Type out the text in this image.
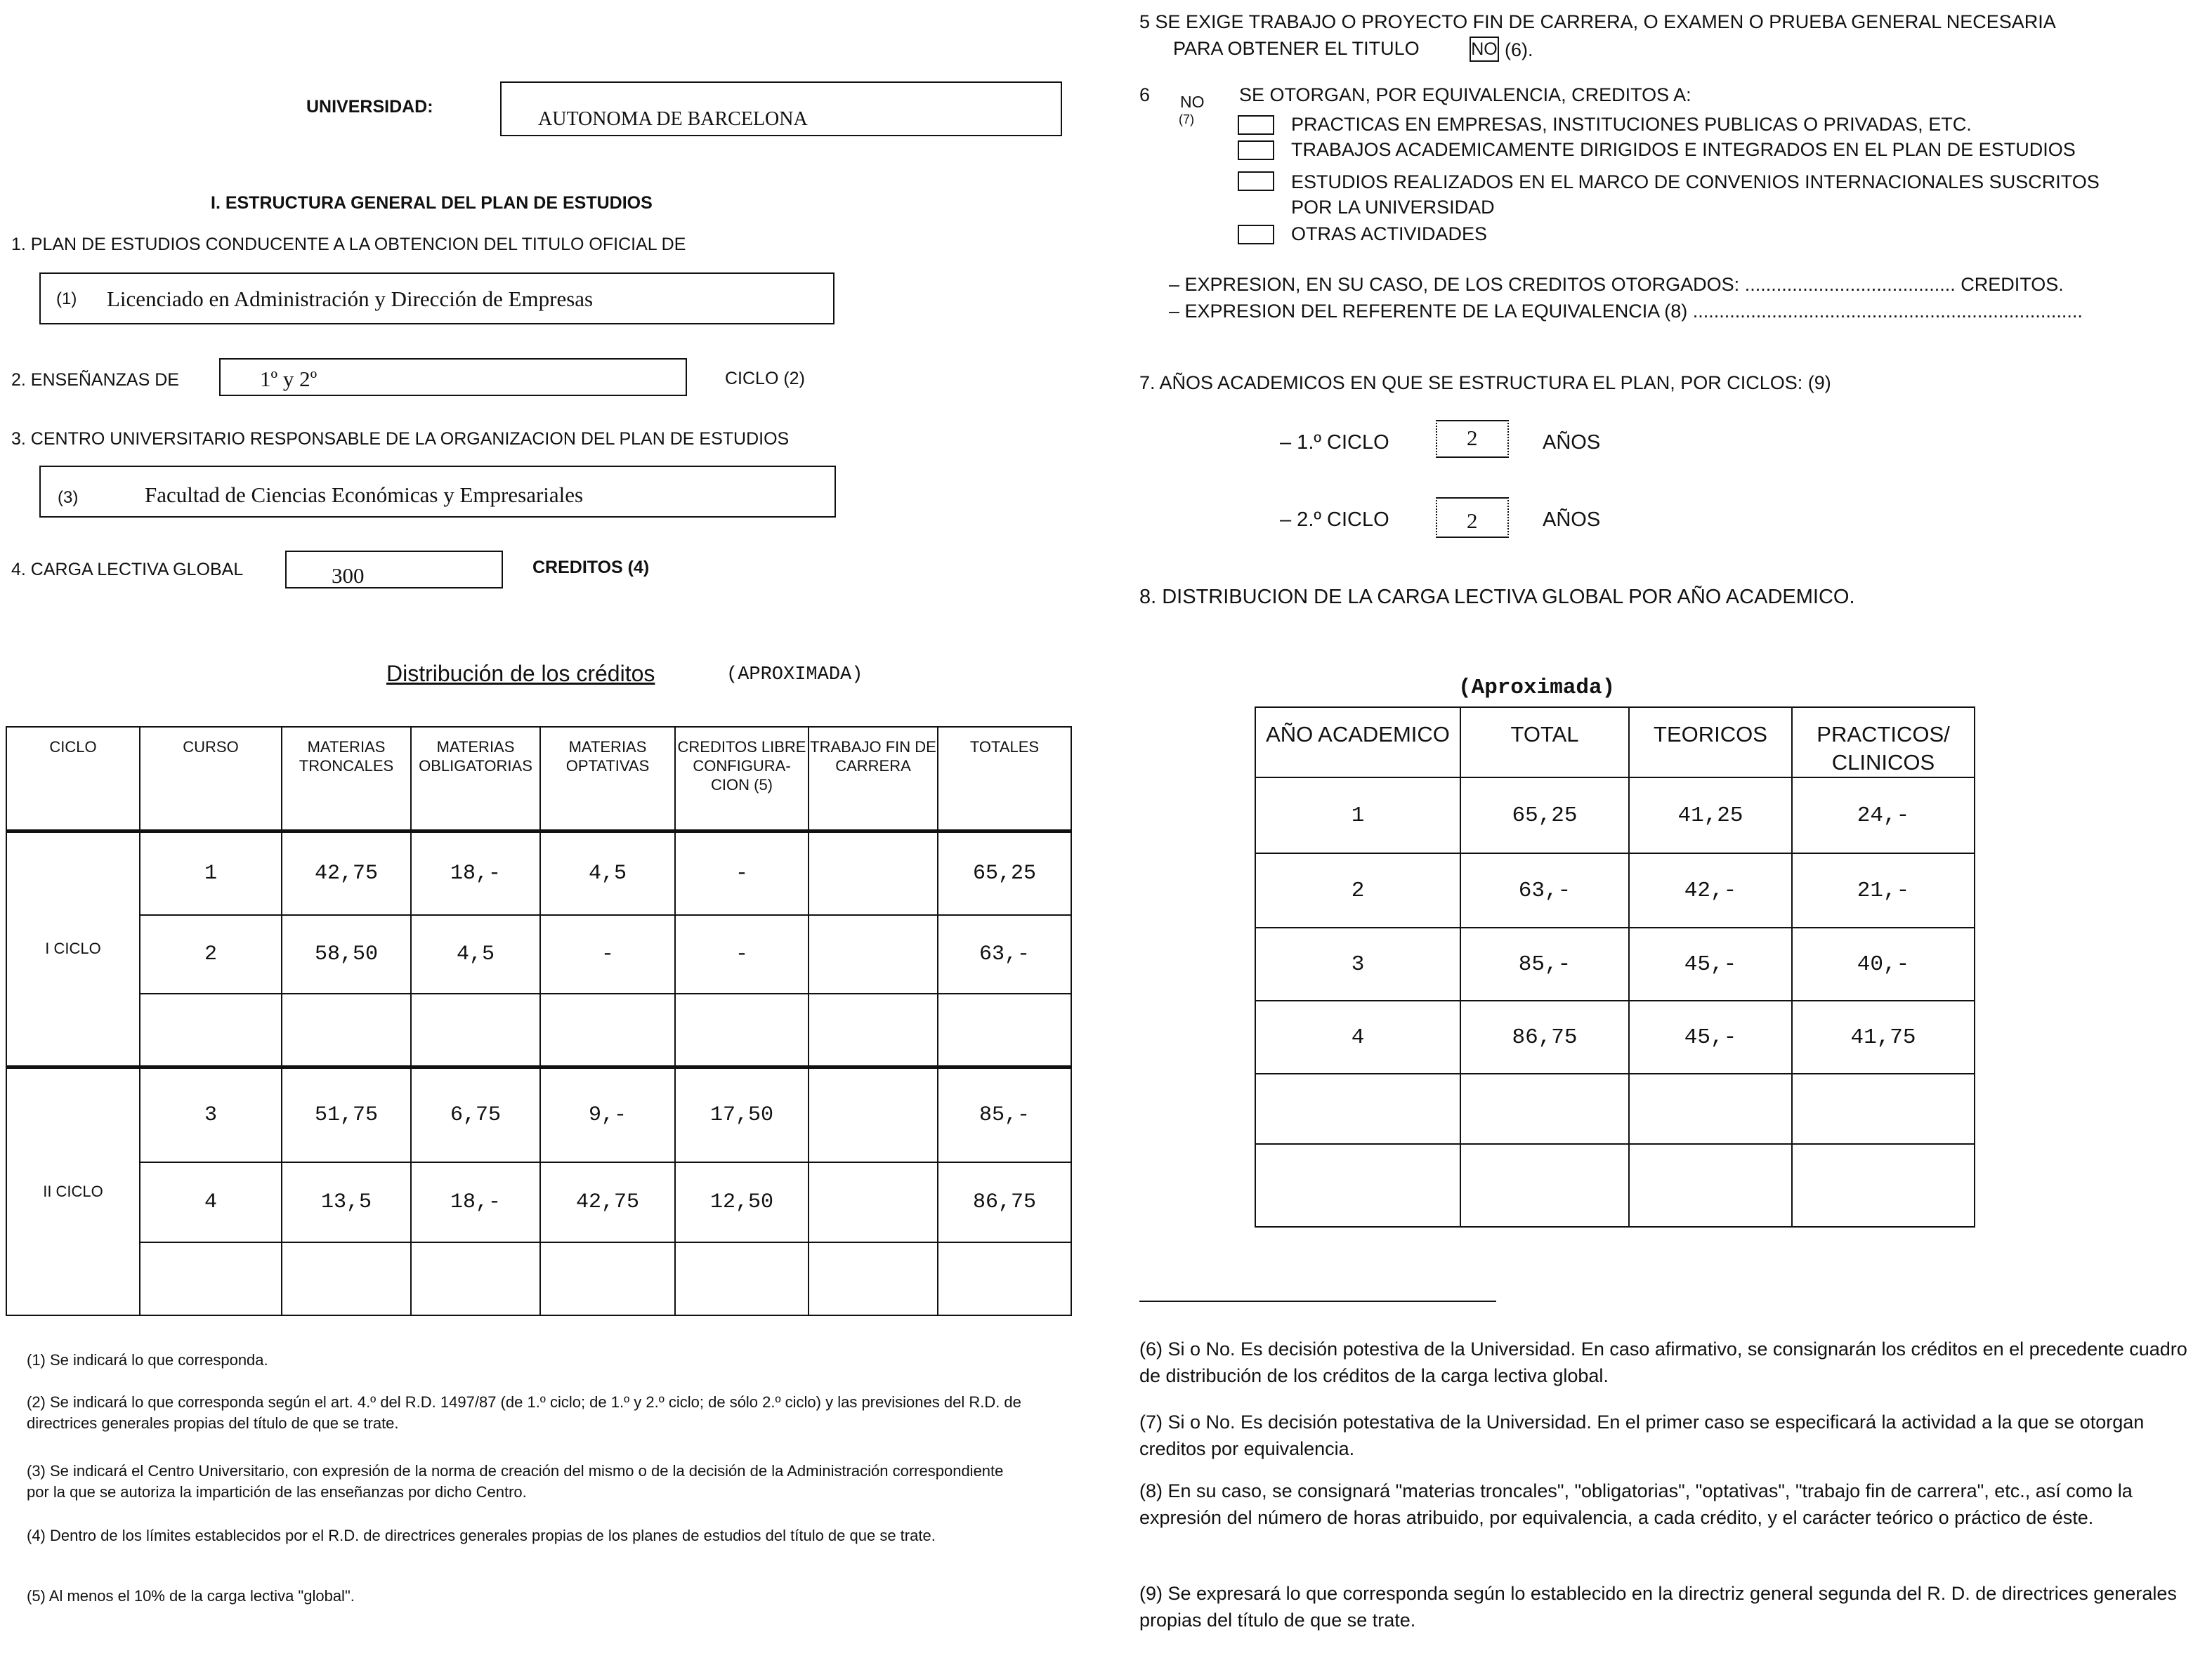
UNIVERSIDAD:
AUTONOMA DE BARCELONA
I. ESTRUCTURA GENERAL DEL PLAN DE ESTUDIOS
1. PLAN DE ESTUDIOS CONDUCENTE A LA OBTENCION DEL TITULO OFICIAL DE
(1) Licenciado en Administración y Dirección de Empresas
2. ENSEÑANZAS DE	1º y 2º	CICLO (2)
3. CENTRO UNIVERSITARIO RESPONSABLE DE LA ORGANIZACION DEL PLAN DE ESTUDIOS
(3)	Facultad de Ciencias Económicas y Empresariales
4. CARGA LECTIVA GLOBAL	300	CREDITOS (4)
Distribución de los créditos	(APROXIMADA)
CICLO	CURSO	MATERIAS TRONCALES	MATERIAS OBLIGATORIAS	MATERIAS OPTATIVAS	CREDITOS LIBRE CONFIGURA-CION (5)	TRABAJO FIN DE CARRERA	TOTALES
I CICLO	1	42,75	18,-	4,5	-		65,25
	2	58,50	4,5	-	-		63,-

II CICLO	3	51,75	6,75	9,-	17,50		85,-
	4	13,5	18,-	42,75	12,50		86,75

(1) Se indicará lo que corresponda.
(2) Se indicará lo que corresponda según el art. 4.º del R.D. 1497/87 (de 1.º ciclo; de 1.º y 2.º ciclo; de sólo 2.º ciclo) y las previsiones del R.D. de directrices generales propias del título de que se trate.
(3) Se indicará el Centro Universitario, con expresión de la norma de creación del mismo o de la decisión de la Administración correspondiente por la que se autoriza la impartición de las enseñanzas por dicho Centro.
(4) Dentro de los límites establecidos por el R.D. de directrices generales propias de los planes de estudios del título de que se trate.
(5) Al menos el 10% de la carga lectiva "global".
5 SE EXIGE TRABAJO O PROYECTO FIN DE CARRERA, O EXAMEN O PRUEBA GENERAL NECESARIA
PARA OBTENER EL TITULO	NO (6).
6 NO
(7)
SE OTORGAN, POR EQUIVALENCIA, CREDITOS A:
PRACTICAS EN EMPRESAS, INSTITUCIONES PUBLICAS O PRIVADAS, ETC.
TRABAJOS ACADEMICAMENTE DIRIGIDOS E INTEGRADOS EN EL PLAN DE ESTUDIOS
ESTUDIOS REALIZADOS EN EL MARCO DE CONVENIOS INTERNACIONALES SUSCRITOS
POR LA UNIVERSIDAD
OTRAS ACTIVIDADES
– EXPRESION, EN SU CASO, DE LOS CREDITOS OTORGADOS: ........................................ CREDITOS.
– EXPRESION DEL REFERENTE DE LA EQUIVALENCIA (8) ..........................................................................
7. AÑOS ACADEMICOS EN QUE SE ESTRUCTURA EL PLAN, POR CICLOS: (9)
– 1.º CICLO	2	AÑOS
– 2.º CICLO	2	AÑOS
8. DISTRIBUCION DE LA CARGA LECTIVA GLOBAL POR AÑO ACADEMICO.
(Aproximada)
AÑO ACADEMICO	TOTAL	TEORICOS	PRACTICOS/ CLINICOS
1	65,25	41,25	24,-
2	63,-	42,-	21,-
3	85,-	45,-	40,-
4	86,75	45,-	41,75

(6) Si o No. Es decisión potestiva de la Universidad. En caso afirmativo, se consignarán los créditos en el precedente cuadro de distribución de los créditos de la carga lectiva global.
(7) Si o No. Es decisión potestativa de la Universidad. En el primer caso se especificará la actividad a la que se otorgan creditos por equivalencia.
(8) En su caso, se consignará "materias troncales", "obligatorias", "optativas", "trabajo fin de carrera", etc., así como la expresión del número de horas atribuido, por equivalencia, a cada crédito, y el carácter teórico o práctico de éste.
(9) Se expresará lo que corresponda según lo establecido en la directriz general segunda del R. D. de directrices generales propias del título de que se trate.
